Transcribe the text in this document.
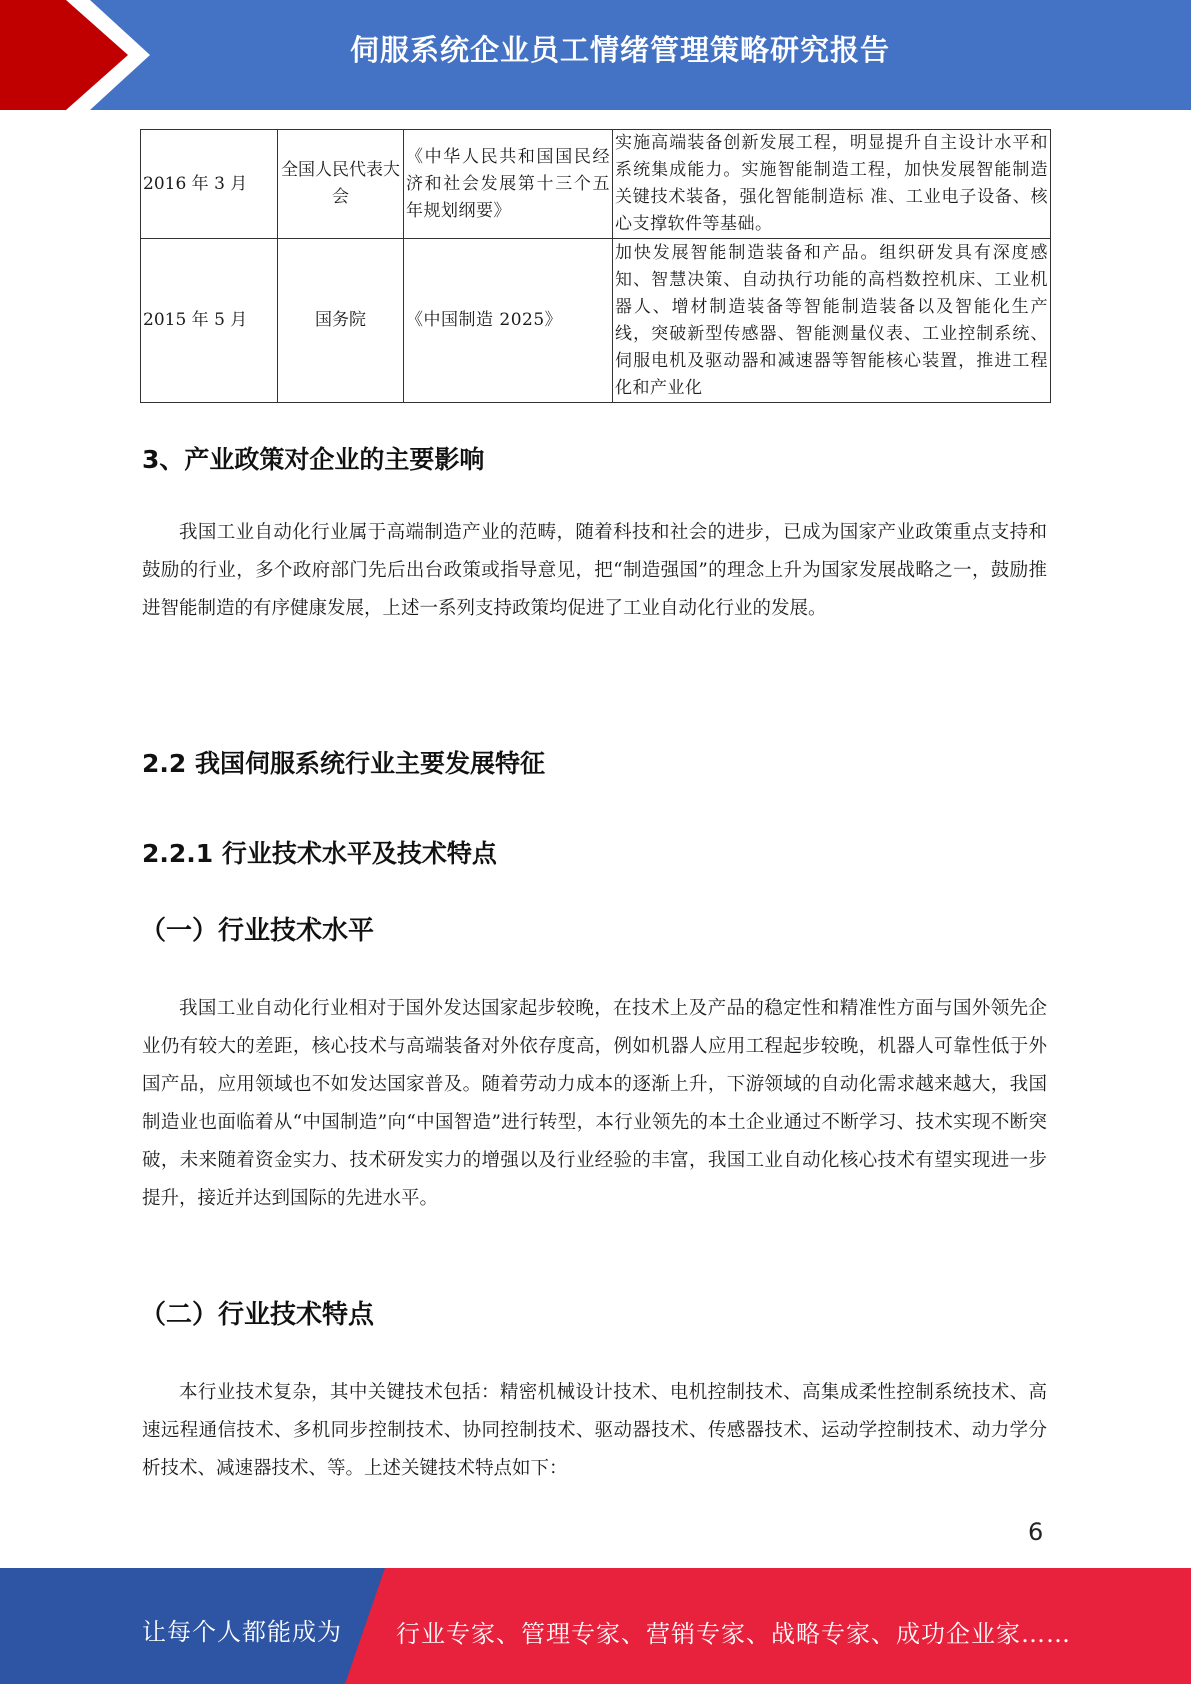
伺服系统企业员工情绪管理策略研究报告
2016 年 3 月	全国人民代表大会	《中华人民共和国国民经济和社会发展第十三个五年规划纲要》	实施高端装备创新发展工程，明显提升自主设计水平和系统集成能力。实施智能制造工程，加快发展智能制造关键技术装备，强化智能制造标 准、工业电子设备、核心支撑软件等基础。
2015 年 5 月	国务院	《中国制造 2025》	加快发展智能制造装备和产品。组织研发具有深度感知、智慧决策、自动执行功能的高档数控机床、工业机器人、增材制造装备等智能制造装备以及智能化生产线，突破新型传感器、智能测量仪表、工业控制系统、伺服电机及驱动器和减速器等智能核心装置，推进工程化和产业化
3、产业政策对企业的主要影响

我国工业自动化行业属于高端制造产业的范畴，随着科技和社会的进步，已成为国家产业政策重点支持和鼓励的行业，多个政府部门先后出台政策或指导意见，把“制造强国”的理念上升为国家发展战略之一，鼓励推进智能制造的有序健康发展，上述一系列支持政策均促进了工业自动化行业的发展。

2.2 我国伺服系统行业主要发展特征
2.2.1 行业技术水平及技术特点
（一）行业技术水平

我国工业自动化行业相对于国外发达国家起步较晚，在技术上及产品的稳定性和精准性方面与国外领先企业仍有较大的差距，核心技术与高端装备对外依存度高，例如机器人应用工程起步较晚，机器人可靠性低于外国产品，应用领域也不如发达国家普及。随着劳动力成本的逐渐上升，下游领域的自动化需求越来越大，我国制造业也面临着从“中国制造”向“中国智造”进行转型，本行业领先的本土企业通过不断学习、技术实现不断突破，未来随着资金实力、技术研发实力的增强以及行业经验的丰富，我国工业自动化核心技术有望实现进一步提升，接近并达到国际的先进水平。

（二）行业技术特点

本行业技术复杂，其中关键技术包括：精密机械设计技术、电机控制技术、高集成柔性控制系统技术、高速远程通信技术、多机同步控制技术、协同控制技术、驱动器技术、传感器技术、运动学控制技术、动力学分析技术、减速器技术、等。上述关键技术特点如下：

6

让每个人都能成为 行业专家、管理专家、营销专家、战略专家、成功企业家……
